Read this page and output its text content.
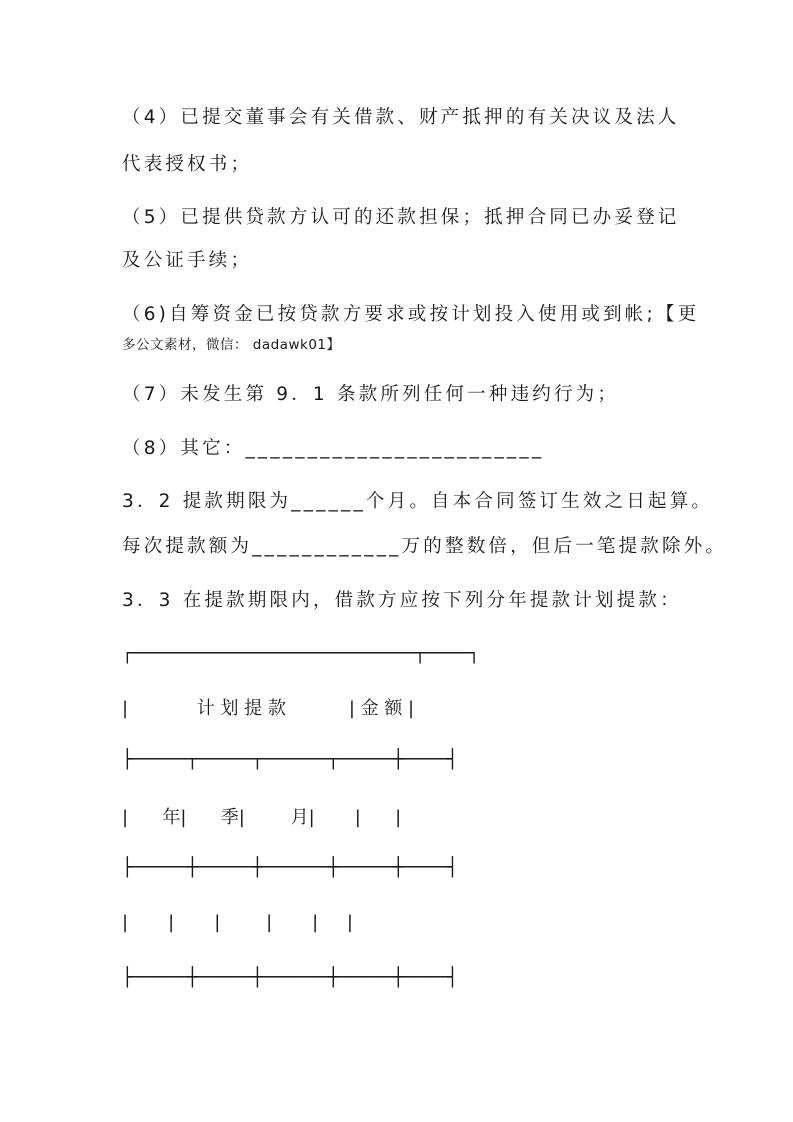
（4）已提交董事会有关借款、财产抵押的有关决议及法人
代表授权书；
（5）已提供贷款方认可的还款担保；抵押合同已办妥登记
及公证手续；
（6)自筹资金已按贷款方要求或按计划投入使用或到帐;【更
多公文素材，微信： dadawk01】
（7）未发生第 9．1 条款所列任何一种违约行为；
（8）其它：________________________
3．2 提款期限为______个月。自本合同签订生效之日起算。
每次提款额为____________万的整数倍，但后一笔提款除外。
3．3 在提款期限内，借款方应按下列分年提款计划提款：
┌──────────────────────────┬────┐
|            计 划 提 款           | 金 额 |
├─────┬─────┬──────┬─────┼────┤
|      年|      季|        月|       |      |
├─────┼─────┼──────┼─────┼────┤
|       |       |        |       |     |
├─────┼─────┼──────┼─────┼────┤
